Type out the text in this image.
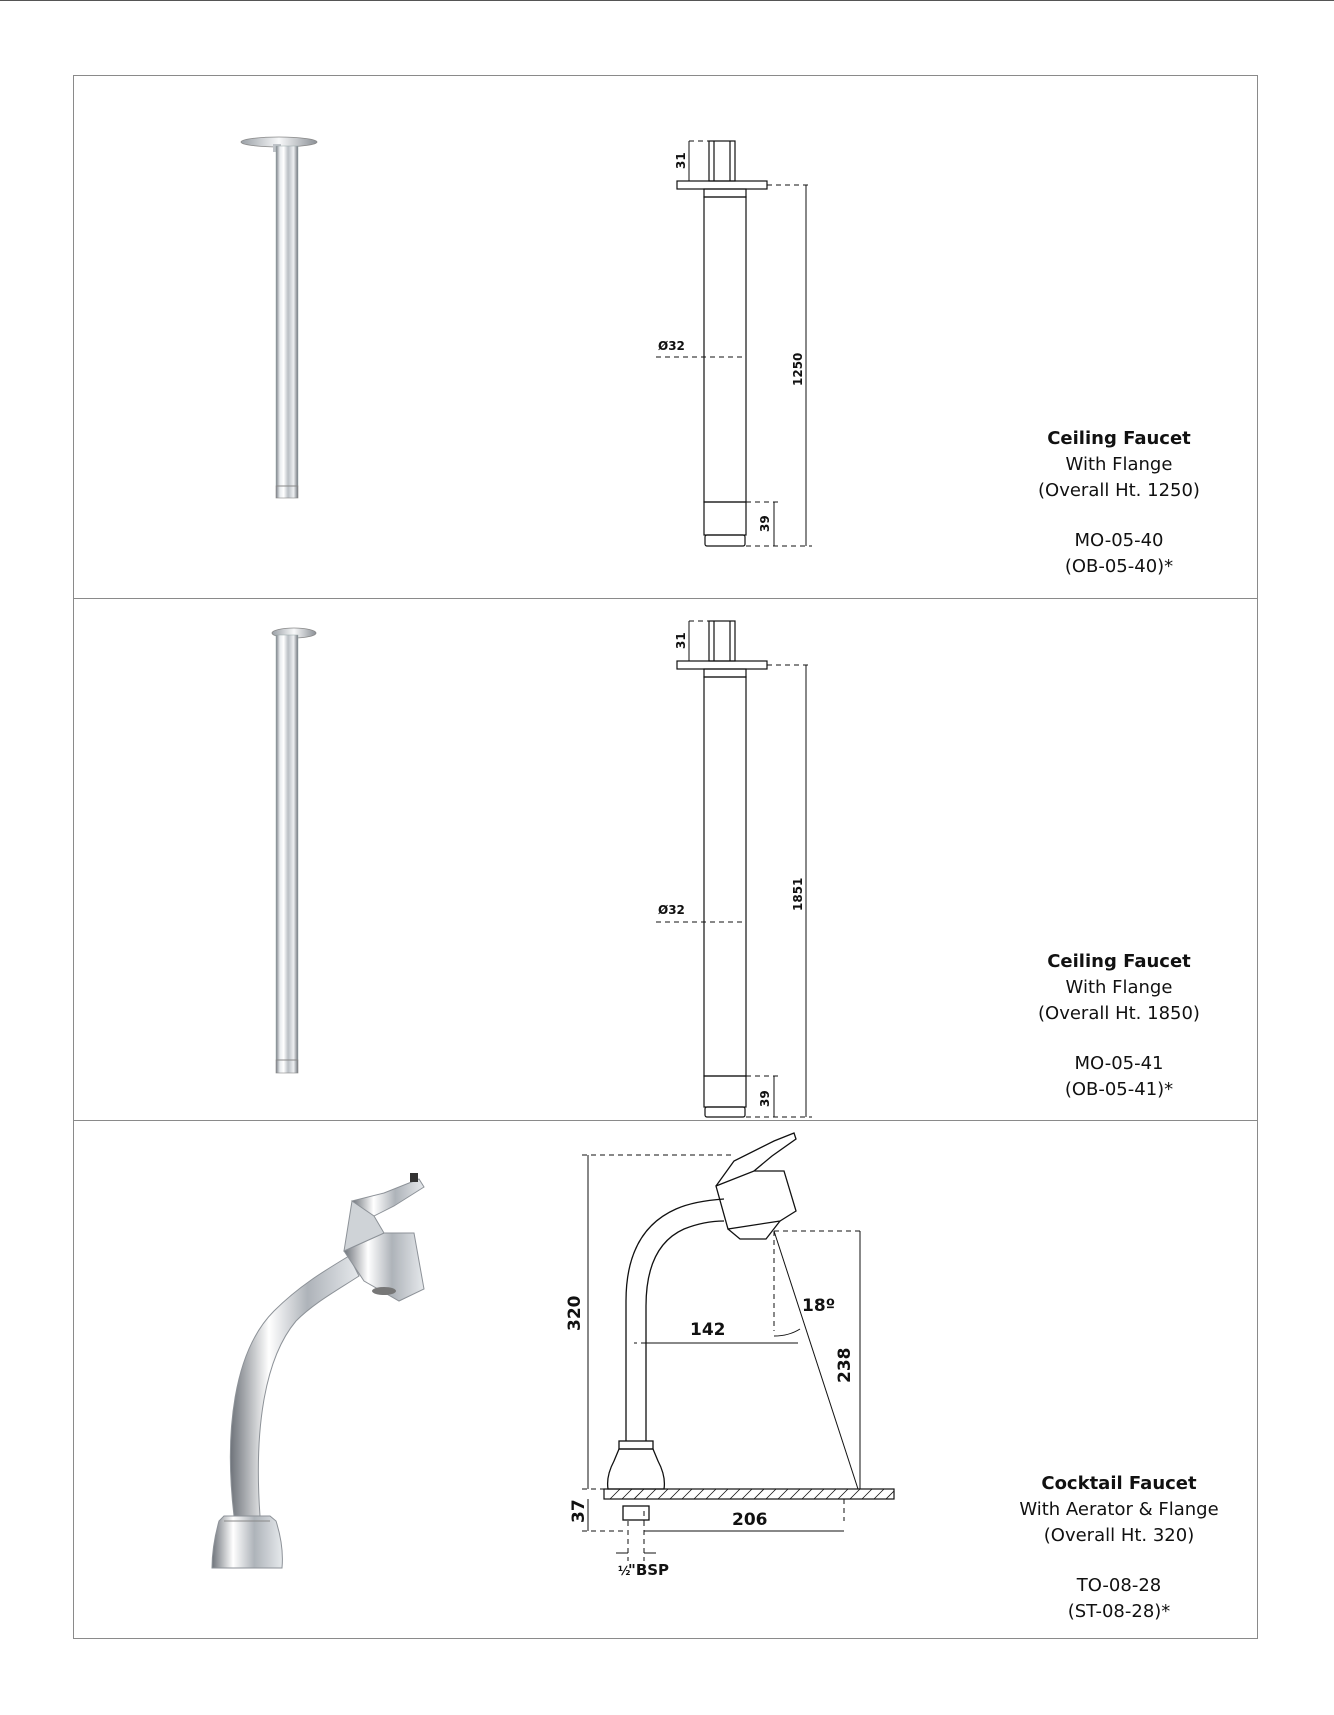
31
Ø32
1250
39
Ceiling Faucet
With Flange
(Overall Ht. 1250)
MO-05-40
(OB-05-40)*
31
Ø32	1851
39
Ceiling Faucet
With Flange
(Overall Ht. 1850)
MO-05-41
(OB-05-41)*
320	142
18º
238
37	206
½
"BSP
Cocktail Faucet
With Aerator & Flange
(Overall Ht. 320)
TO-08-28
(ST-08-28)*
